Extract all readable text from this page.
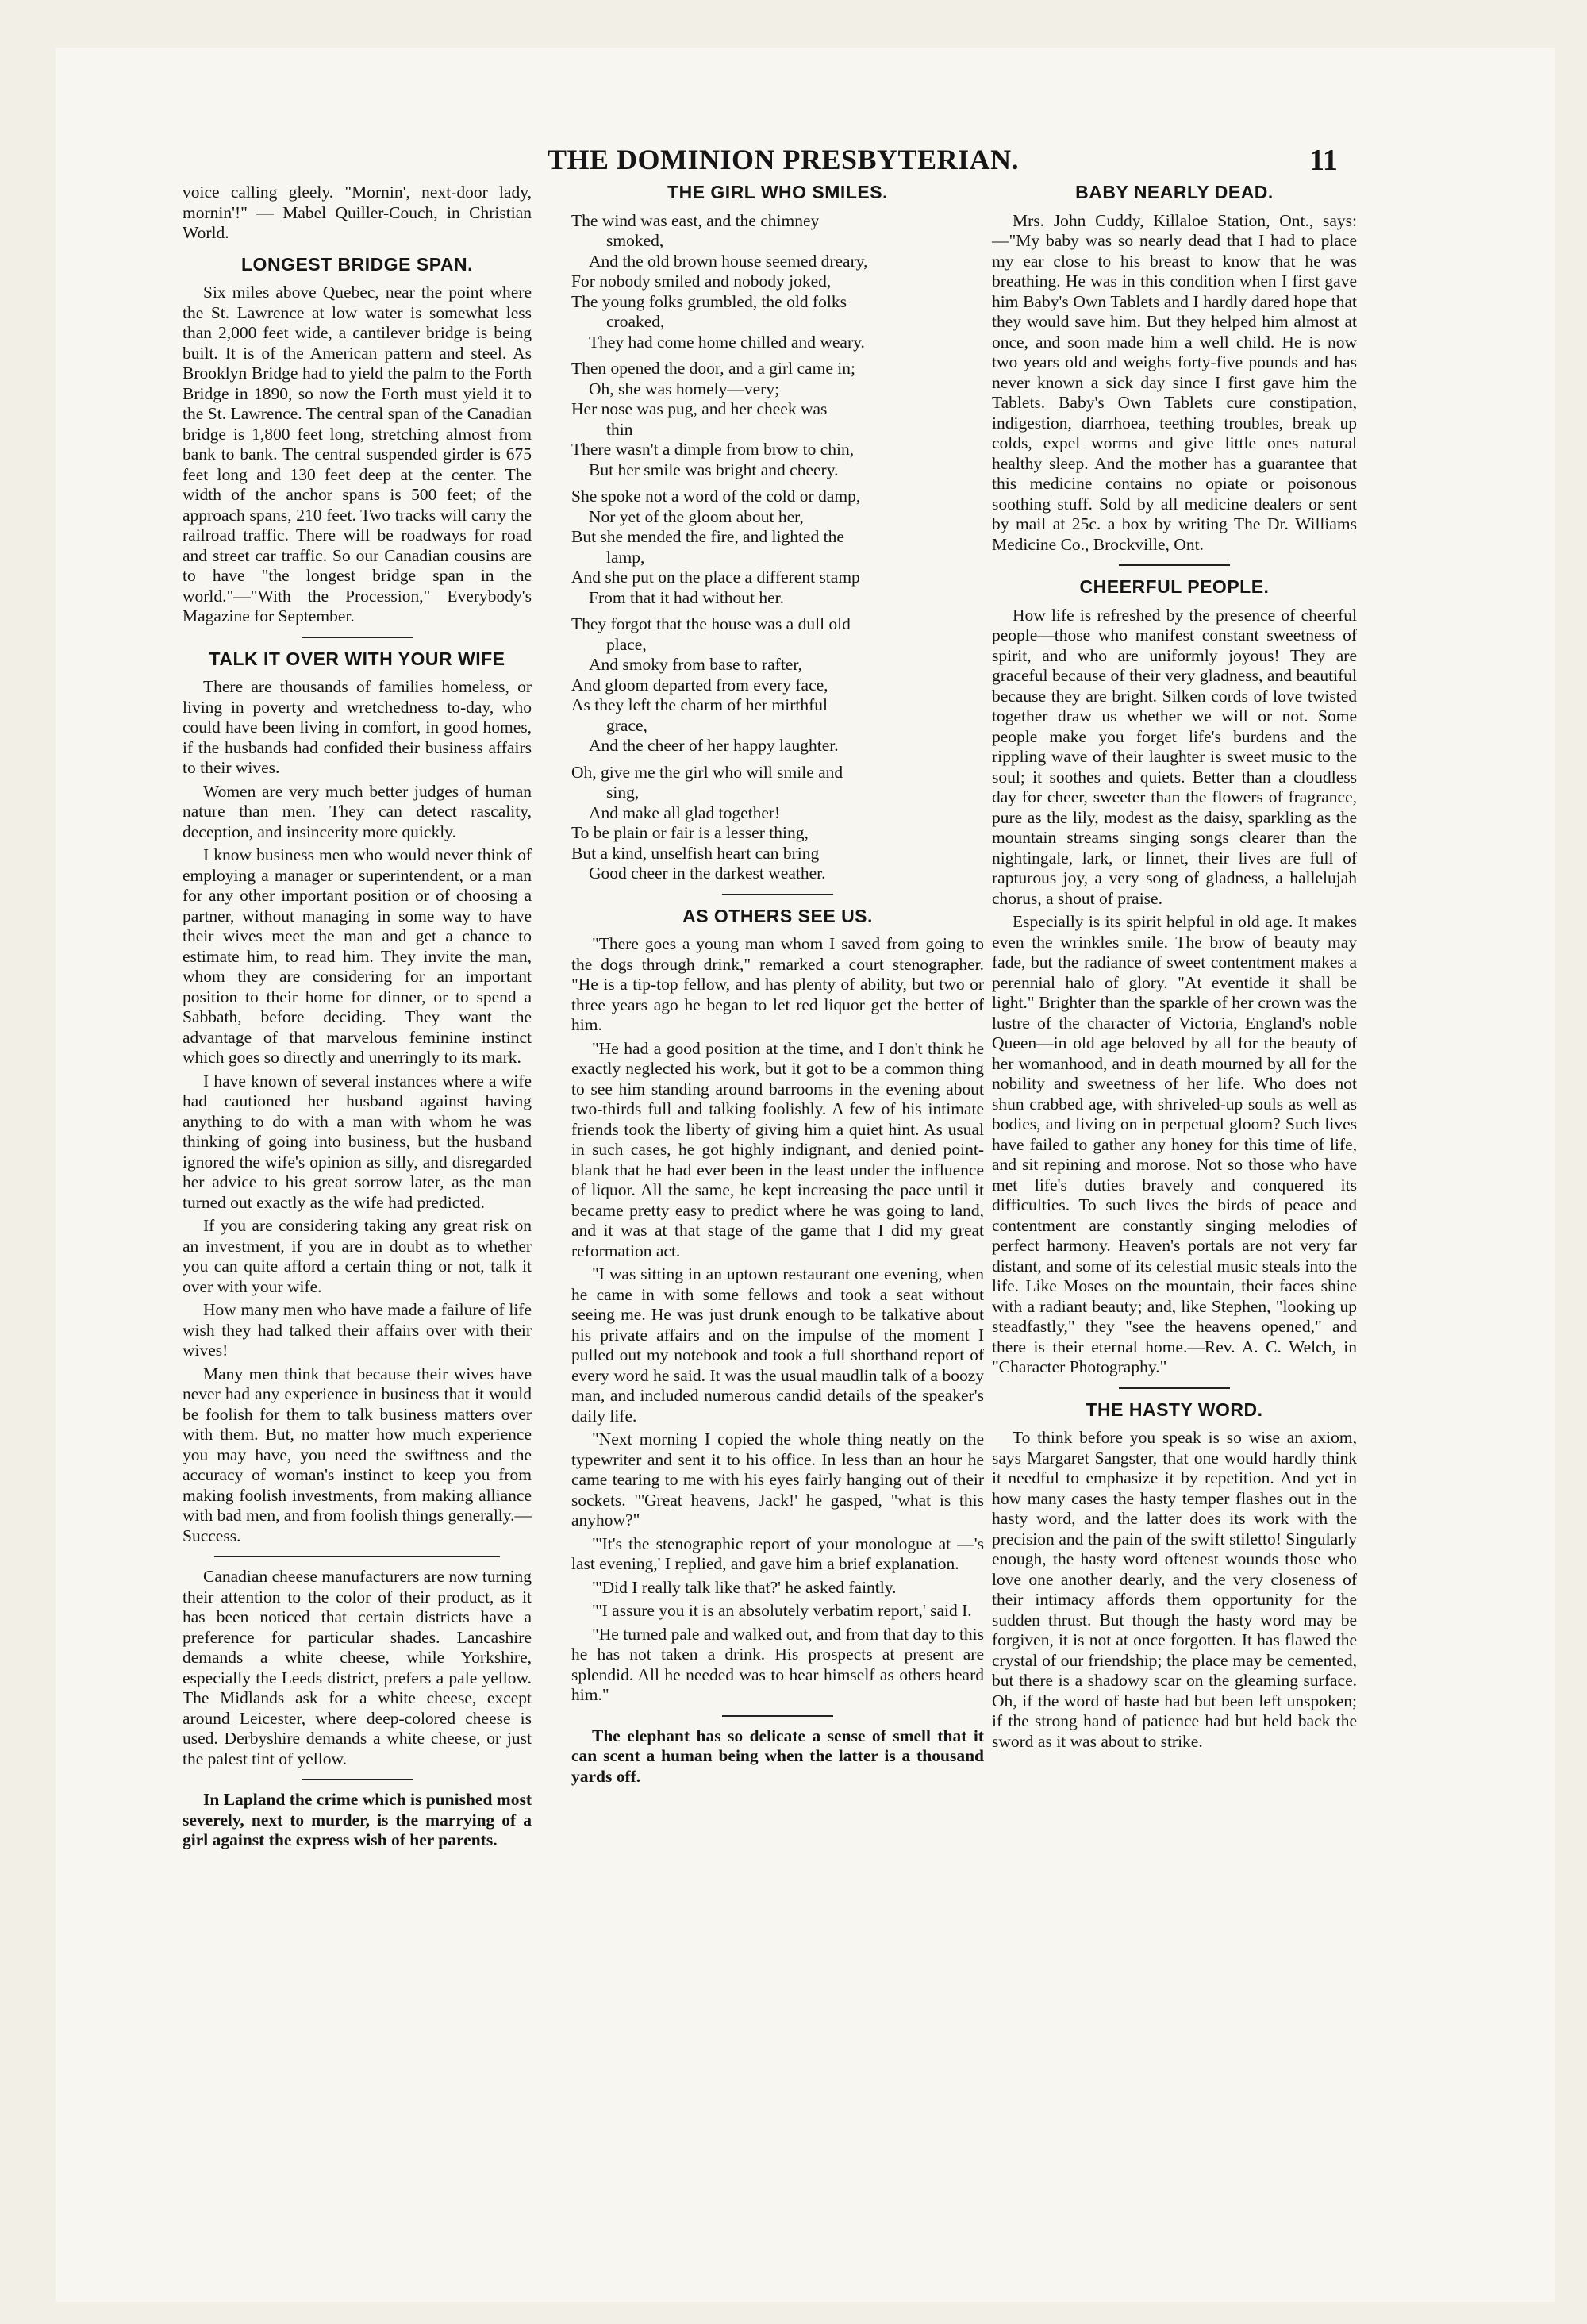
THE DOMINION PRESBYTERIAN.	11

voice calling gleely. "Mornin', next-door lady, mornin'!" — Mabel Quiller-Couch, in Christian World.

LONGEST BRIDGE SPAN.

Six miles above Quebec, near the point where the St. Lawrence at low water is somewhat less than 2,000 feet wide, a cantilever bridge is being built. It is of the American pattern and steel. As Brooklyn Bridge had to yield the palm to the Forth Bridge in 1890, so now the Forth must yield it to the St. Lawrence. The central span of the Canadian bridge is 1,800 feet long, stretching almost from bank to bank. The central suspended girder is 675 feet long and 130 feet deep at the center. The width of the anchor spans is 500 feet; of the approach spans, 210 feet. Two tracks will carry the railroad traffic. There will be roadways for road and street car traffic. So our Canadian cousins are to have "the longest bridge span in the world."—"With the Procession," Everybody's Magazine for September.

TALK IT OVER WITH YOUR WIFE

There are thousands of families homeless, or living in poverty and wretchedness to-day, who could have been living in comfort, in good homes, if the husbands had confided their business affairs to their wives.

Women are very much better judges of human nature than men. They can detect rascality, deception, and insincerity more quickly.

I know business men who would never think of employing a manager or superintendent, or a man for any other important position or of choosing a partner, without managing in some way to have their wives meet the man and get a chance to estimate him, to read him. They invite the man, whom they are considering for an important position to their home for dinner, or to spend a Sabbath, before deciding. They want the advantage of that marvelous feminine instinct which goes so directly and unerringly to its mark.

I have known of several instances where a wife had cautioned her husband against having anything to do with a man with whom he was thinking of going into business, but the husband ignored the wife's opinion as silly, and disregarded her advice to his great sorrow later, as the man turned out exactly as the wife had predicted.

If you are considering taking any great risk on an investment, if you are in doubt as to whether you can quite afford a certain thing or not, talk it over with your wife.

How many men who have made a failure of life wish they had talked their affairs over with their wives!

Many men think that because their wives have never had any experience in business that it would be foolish for them to talk business matters over with them. But, no matter how much experience you may have, you need the swiftness and the accuracy of woman's instinct to keep you from making foolish investments, from making alliance with bad men, and from foolish things generally.—Success.

Canadian cheese manufacturers are now turning their attention to the color of their product, as it has been noticed that certain districts have a preference for particular shades. Lancashire demands a white cheese, while Yorkshire, especially the Leeds district, prefers a pale yellow. The Midlands ask for a white cheese, except around Leicester, where deep-colored cheese is used. Derbyshire demands a white cheese, or just the palest tint of yellow.

In Lapland the crime which is punished most severely, next to murder, is the marrying of a girl against the express wish of her parents.

THE GIRL WHO SMILES.

The wind was east, and the chimney

smoked,

And the old brown house seemed dreary,

For nobody smiled and nobody joked,

The young folks grumbled, the old folks

croaked,

They had come home chilled and weary.

Then opened the door, and a girl came in;

Oh, she was homely—very;

Her nose was pug, and her cheek was

thin

There wasn't a dimple from brow to chin,

But her smile was bright and cheery.

She spoke not a word of the cold or damp,

Nor yet of the gloom about her,

But she mended the fire, and lighted the

lamp,

And she put on the place a different stamp

From that it had without her.

They forgot that the house was a dull old

place,

And smoky from base to rafter,

And gloom departed from every face,

As they left the charm of her mirthful

grace,

And the cheer of her happy laughter.

Oh, give me the girl who will smile and

sing,

And make all glad together!

To be plain or fair is a lesser thing,

But a kind, unselfish heart can bring

Good cheer in the darkest weather.

AS OTHERS SEE US.

"There goes a young man whom I saved from going to the dogs through drink," remarked a court stenographer. "He is a tip-top fellow, and has plenty of ability, but two or three years ago he began to let red liquor get the better of him.

"He had a good position at the time, and I don't think he exactly neglected his work, but it got to be a common thing to see him standing around barrooms in the evening about two-thirds full and talking foolishly. A few of his intimate friends took the liberty of giving him a quiet hint. As usual in such cases, he got highly indignant, and denied point-blank that he had ever been in the least under the influence of liquor. All the same, he kept increasing the pace until it became pretty easy to predict where he was going to land, and it was at that stage of the game that I did my great reformation act.

"I was sitting in an uptown restaurant one evening, when he came in with some fellows and took a seat without seeing me. He was just drunk enough to be talkative about his private affairs and on the impulse of the moment I pulled out my notebook and took a full shorthand report of every word he said. It was the usual maudlin talk of a boozy man, and included numerous candid details of the speaker's daily life.

"Next morning I copied the whole thing neatly on the typewriter and sent it to his office. In less than an hour he came tearing to me with his eyes fairly hanging out of their sockets. "'Great heavens, Jack!' he gasped, "what is this anyhow?"

"'It's the stenographic report of your monologue at —'s last evening,' I replied, and gave him a brief explanation.

"'Did I really talk like that?' he asked faintly.

"'I assure you it is an absolutely verbatim report,' said I.

"He turned pale and walked out, and from that day to this he has not taken a drink. His prospects at present are splendid. All he needed was to hear himself as others heard him."

The elephant has so delicate a sense of smell that it can scent a human being when the latter is a thousand yards off.

BABY NEARLY DEAD.

Mrs. John Cuddy, Killaloe Station, Ont., says:—"My baby was so nearly dead that I had to place my ear close to his breast to know that he was breathing. He was in this condition when I first gave him Baby's Own Tablets and I hardly dared hope that they would save him. But they helped him almost at once, and soon made him a well child. He is now two years old and weighs forty-five pounds and has never known a sick day since I first gave him the Tablets. Baby's Own Tablets cure constipation, indigestion, diarrhoea, teething troubles, break up colds, expel worms and give little ones natural healthy sleep. And the mother has a guarantee that this medicine contains no opiate or poisonous soothing stuff. Sold by all medicine dealers or sent by mail at 25c. a box by writing The Dr. Williams Medicine Co., Brockville, Ont.

CHEERFUL PEOPLE.

How life is refreshed by the presence of cheerful people—those who manifest constant sweetness of spirit, and who are uniformly joyous! They are graceful because of their very gladness, and beautiful because they are bright. Silken cords of love twisted together draw us whether we will or not. Some people make you forget life's burdens and the rippling wave of their laughter is sweet music to the soul; it soothes and quiets. Better than a cloudless day for cheer, sweeter than the flowers of fragrance, pure as the lily, modest as the daisy, sparkling as the mountain streams singing songs clearer than the nightingale, lark, or linnet, their lives are full of rapturous joy, a very song of gladness, a hallelujah chorus, a shout of praise.

Especially is its spirit helpful in old age. It makes even the wrinkles smile. The brow of beauty may fade, but the radiance of sweet contentment makes a perennial halo of glory. "At eventide it shall be light." Brighter than the sparkle of her crown was the lustre of the character of Victoria, England's noble Queen—in old age beloved by all for the beauty of her womanhood, and in death mourned by all for the nobility and sweetness of her life. Who does not shun crabbed age, with shriveled-up souls as well as bodies, and living on in perpetual gloom? Such lives have failed to gather any honey for this time of life, and sit repining and morose. Not so those who have met life's duties bravely and conquered its difficulties. To such lives the birds of peace and contentment are constantly singing melodies of perfect harmony. Heaven's portals are not very far distant, and some of its celestial music steals into the life. Like Moses on the mountain, their faces shine with a radiant beauty; and, like Stephen, "looking up steadfastly," they "see the heavens opened," and there is their eternal home.—Rev. A. C. Welch, in "Character Photography."

THE HASTY WORD.

To think before you speak is so wise an axiom, says Margaret Sangster, that one would hardly think it needful to emphasize it by repetition. And yet in how many cases the hasty temper flashes out in the hasty word, and the latter does its work with the precision and the pain of the swift stiletto! Singularly enough, the hasty word oftenest wounds those who love one another dearly, and the very closeness of their intimacy affords them opportunity for the sudden thrust. But though the hasty word may be forgiven, it is not at once forgotten. It has flawed the crystal of our friendship; the place may be cemented, but there is a shadowy scar on the gleaming surface. Oh, if the word of haste had but been left unspoken; if the strong hand of patience had but held back the sword as it was about to strike.
